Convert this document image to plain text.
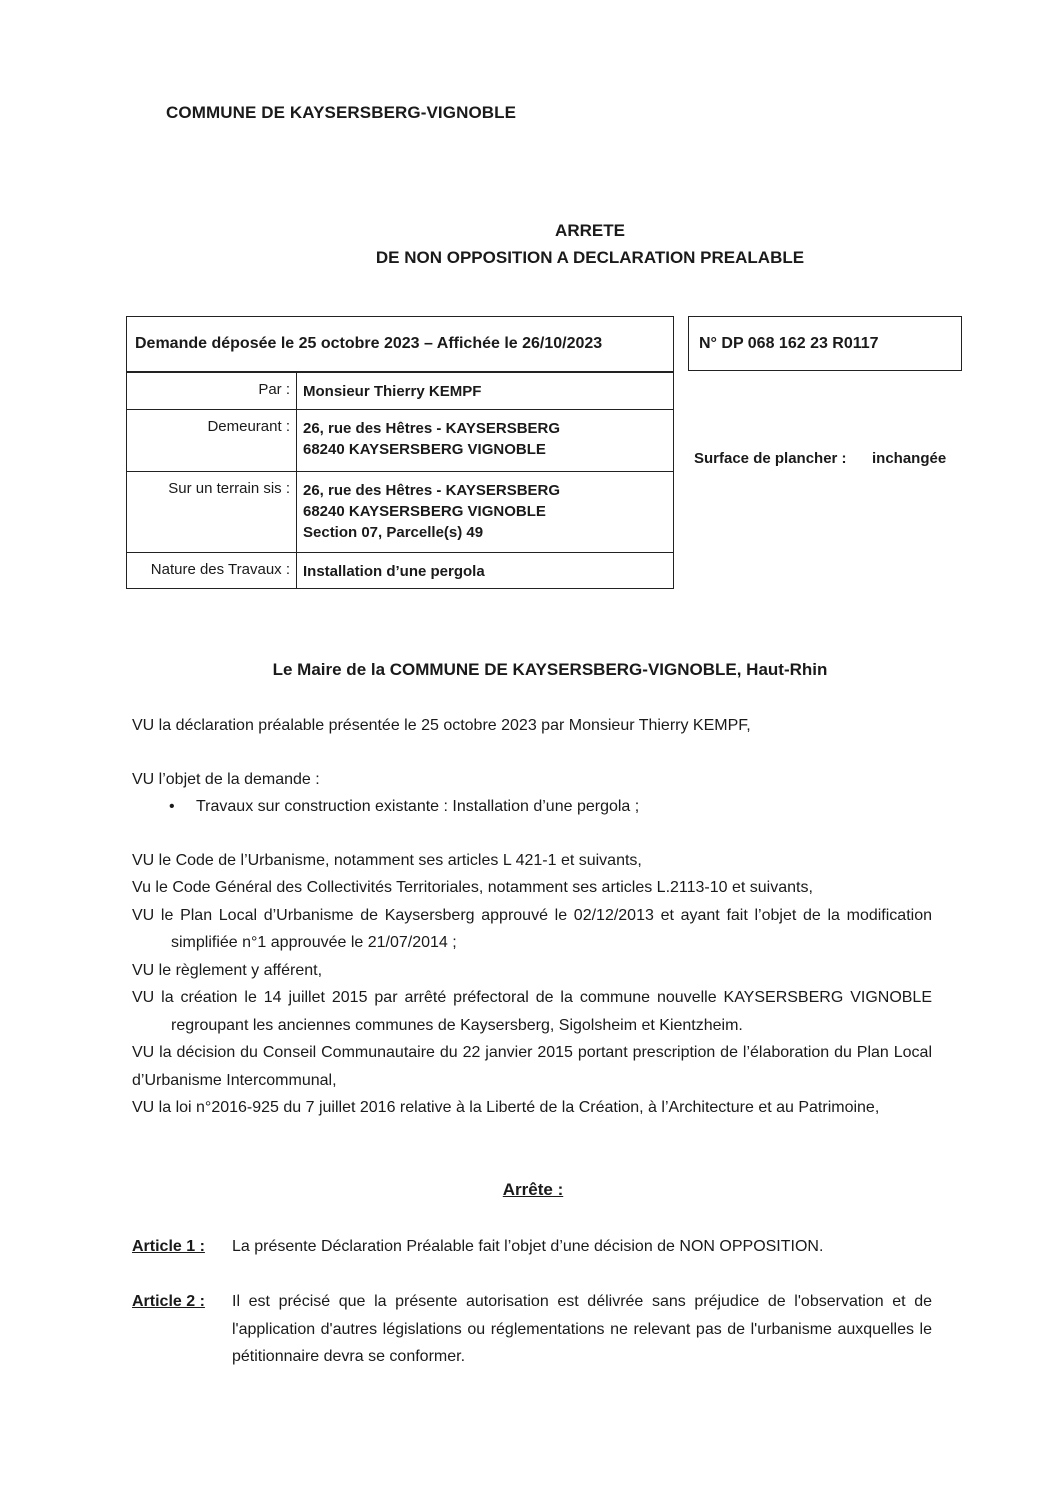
COMMUNE DE KAYSERSBERG-VIGNOBLE
ARRETE
DE NON OPPOSITION A DECLARATION PREALABLE
Demande déposée le 25 octobre 2023 – Affichée le 26/10/2023
Par : Monsieur Thierry KEMPF
Demeurant : 26, rue des Hêtres - KAYSERSBERG
68240 KAYSERSBERG VIGNOBLE
Sur un terrain sis : 26, rue des Hêtres - KAYSERSBERG
68240 KAYSERSBERG VIGNOBLE
Section 07, Parcelle(s) 49
Nature des Travaux : Installation d’une pergola
N° DP 068 162 23 R0117
Surface de plancher : inchangée
Le Maire de la COMMUNE DE KAYSERSBERG-VIGNOBLE, Haut-Rhin

VU la déclaration préalable présentée le 25 octobre 2023 par Monsieur Thierry KEMPF,

VU l’objet de la demande :

• Travaux sur construction existante : Installation d’une pergola ;

VU le Code de l’Urbanisme, notamment ses articles L 421-1 et suivants,

Vu le Code Général des Collectivités Territoriales, notamment ses articles L.2113-10 et suivants,

VU le Plan Local d’Urbanisme de Kaysersberg approuvé le 02/12/2013 et ayant fait l’objet de la modification simplifiée n°1 approuvée le 21/07/2014 ;

VU le règlement y afférent,

VU la création le 14 juillet 2015 par arrêté préfectoral de la commune nouvelle KAYSERSBERG VIGNOBLE regroupant les anciennes communes de Kaysersberg, Sigolsheim et Kientzheim.

VU la décision du Conseil Communautaire du 22 janvier 2015 portant prescription de l’élaboration du Plan Local d’Urbanisme Intercommunal,

VU la loi n°2016-925 du 7 juillet 2016 relative à la Liberté de la Création, à l’Architecture et au Patrimoine,

Arrête :
Article 1 :	La présente Déclaration Préalable fait l’objet d’une décision de NON OPPOSITION.
Article 2 :	Il est précisé que la présente autorisation est délivrée sans préjudice de l'observation et de l'application d'autres législations ou réglementations ne relevant pas de l'urbanisme auxquelles le pétitionnaire devra se conformer.
